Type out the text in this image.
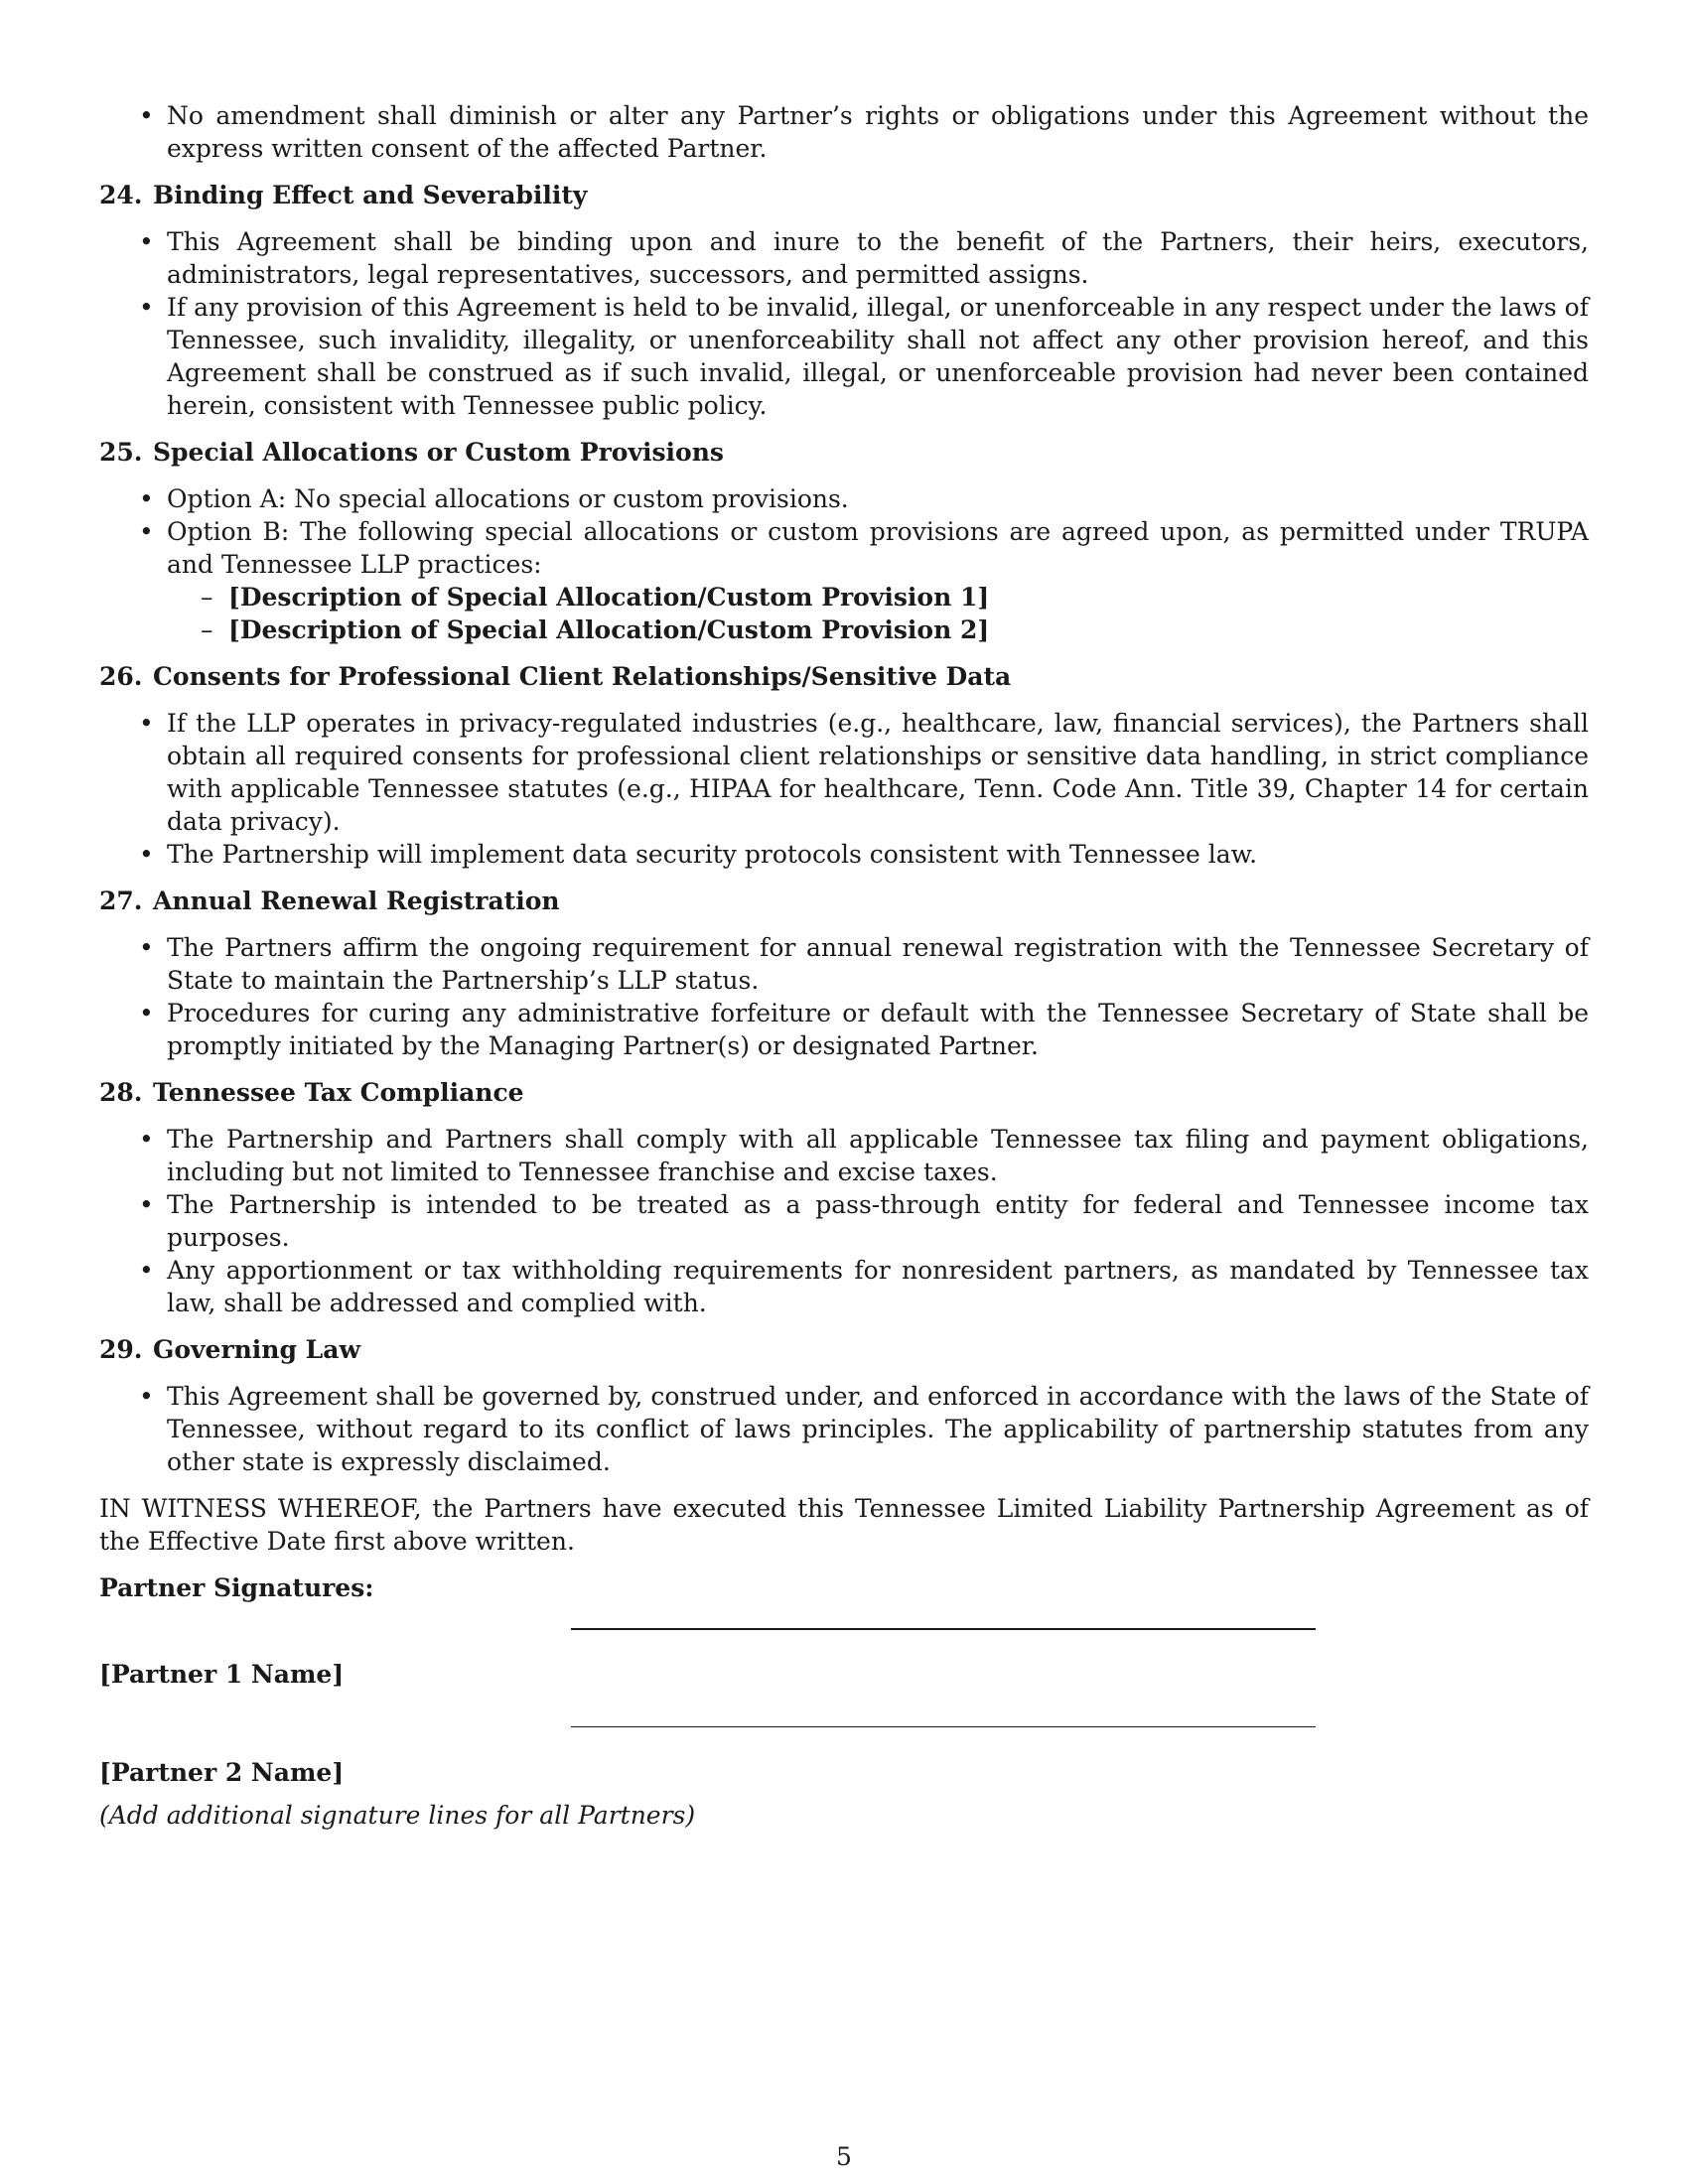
• No amendment shall diminish or alter any Partner’s rights or obligations under this Agreement without the express written consent of the affected Partner.
24. Binding Effect and Severability
• This Agreement shall be binding upon and inure to the benefit of the Partners, their heirs, executors, administrators, legal representatives, successors, and permitted assigns.
• If any provision of this Agreement is held to be invalid, illegal, or unenforceable in any respect under the laws of Tennessee, such invalidity, illegality, or unenforceability shall not affect any other provision hereof, and this Agreement shall be construed as if such invalid, illegal, or unenforceable provision had never been contained herein, consistent with Tennessee public policy.
25. Special Allocations or Custom Provisions
• Option A: No special allocations or custom provisions.
• Option B: The following special allocations or custom provisions are agreed upon, as permitted under TRUPA and Tennessee LLP practices:
– [Description of Special Allocation/Custom Provision 1]
– [Description of Special Allocation/Custom Provision 2]
26. Consents for Professional Client Relationships/Sensitive Data
• If the LLP operates in privacy-regulated industries (e.g., healthcare, law, financial services), the Partners shall obtain all required consents for professional client relationships or sensitive data handling, in strict compliance with applicable Tennessee statutes (e.g., HIPAA for healthcare, Tenn. Code Ann. Title 39, Chapter 14 for certain data privacy).
• The Partnership will implement data security protocols consistent with Tennessee law.
27. Annual Renewal Registration
• The Partners affirm the ongoing requirement for annual renewal registration with the Tennessee Secretary of State to maintain the Partnership’s LLP status.
• Procedures for curing any administrative forfeiture or default with the Tennessee Secretary of State shall be promptly initiated by the Managing Partner(s) or designated Partner.
28. Tennessee Tax Compliance
• The Partnership and Partners shall comply with all applicable Tennessee tax filing and payment obligations, including but not limited to Tennessee franchise and excise taxes.
• The Partnership is intended to be treated as a pass-through entity for federal and Tennessee income tax purposes.
• Any apportionment or tax withholding requirements for nonresident partners, as mandated by Tennessee tax law, shall be addressed and complied with.
29. Governing Law
• This Agreement shall be governed by, construed under, and enforced in accordance with the laws of the State of Tennessee, without regard to its conflict of laws principles. The applicability of partnership statutes from any other state is expressly disclaimed.

IN WITNESS WHEREOF, the Partners have executed this Tennessee Limited Liability Partnership Agreement as of the Effective Date first above written.

Partner Signatures:
[Partner 1 Name]
[Partner 2 Name]
(Add additional signature lines for all Partners)
5
